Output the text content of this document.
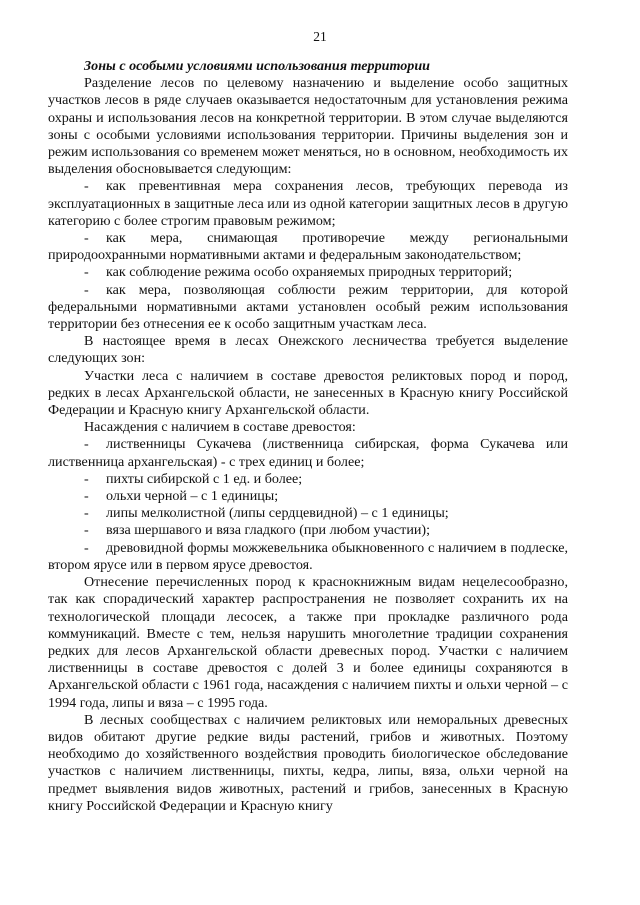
21
Зоны с особыми условиями использования территории

Разделение лесов по целевому назначению и выделение особо защитных участков лесов в ряде случаев оказывается недостаточным для установления режима охраны и использования лесов на конкретной территории. В этом случае выделяются зоны с особыми условиями использования территории. Причины выделения зон и режим использования со временем может меняться, но в основном, необходимость их выделения обосновывается следующим:

- как превентивная мера сохранения лесов, требующих перевода из эксплуатационных в защитные леса или из одной категории защитных лесов в другую категорию с более строгим правовым режимом;
- как мера, снимающая противоречие между региональными природоохранными нормативными актами и федеральным законодательством;
- как соблюдение режима особо охраняемых природных территорий;
- как мера, позволяющая соблюсти режим территории, для которой федеральными нормативными актами установлен особый режим использования территории без отнесения ее к особо защитным участкам леса.

В настоящее время в лесах Онежского лесничества требуется выделение следующих зон:

Участки леса с наличием в составе древостоя реликтовых пород и пород, редких в лесах Архангельской области, не занесенных в Красную книгу Российской Федерации и Красную книгу Архангельской области.

Насаждения с наличием в составе древостоя:

- лиственницы Сукачева (лиственница сибирская, форма Сукачева или лиственница архангельская) - с трех единиц и более;
- пихты сибирской с 1 ед. и более;
- ольхи черной – с 1 единицы;
- липы мелколистной (липы сердцевидной) – с 1 единицы;
- вяза шершавого и вяза гладкого (при любом участии);
- древовидной формы можжевельника обыкновенного с наличием в подлеске, втором ярусе или в первом ярусе древостоя.

Отнесение перечисленных пород к краснокнижным видам нецелесообразно, так как спорадический характер распространения не позволяет сохранить их на технологической площади лесосек, а также при прокладке различного рода коммуникаций. Вместе с тем, нельзя нарушить многолетние традиции сохранения редких для лесов Архангельской области древесных пород. Участки с наличием лиственницы в составе древостоя с долей 3 и более единицы сохраняются в Архангельской области с 1961 года, насаждения с наличием пихты и ольхи черной – с 1994 года, липы и вяза – с 1995 года.

В лесных сообществах с наличием реликтовых или неморальных древесных видов обитают другие редкие виды растений, грибов и животных. Поэтому необходимо до хозяйственного воздействия проводить биологическое обследование участков с наличием лиственницы, пихты, кедра, липы, вяза, ольхи черной на предмет выявления видов животных, растений и грибов, занесенных в Красную книгу Российской Федерации и Красную книгу
